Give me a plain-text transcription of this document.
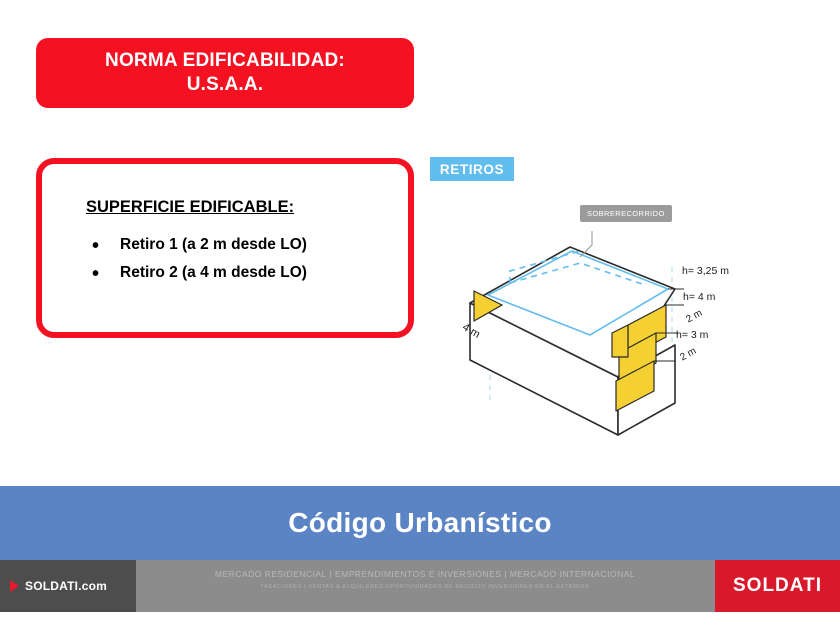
NORMA EDIFICABILIDAD:
U.S.A.A.
SUPERFICIE EDIFICABLE:
• Retiro 1 (a 2 m desde LO)
• Retiro 2 (a 4 m desde LO)
RETIROS
SOBRERECORRIDO
h= 3,25 m
h= 4 m
2 m
h= 3 m
2 m
4 m
Código Urbanístico
SOLDATI .com
MERCADO RESIDENCIAL | EMPRENDIMIENTOS E INVERSIONES | MERCADO INTERNACIONAL
TASACIONES | VENTAS & ALQUILERES OPORTUNIDADES DE NEGOCIO INVERSIONES EN EL EXTERIOR	SOLDATI
